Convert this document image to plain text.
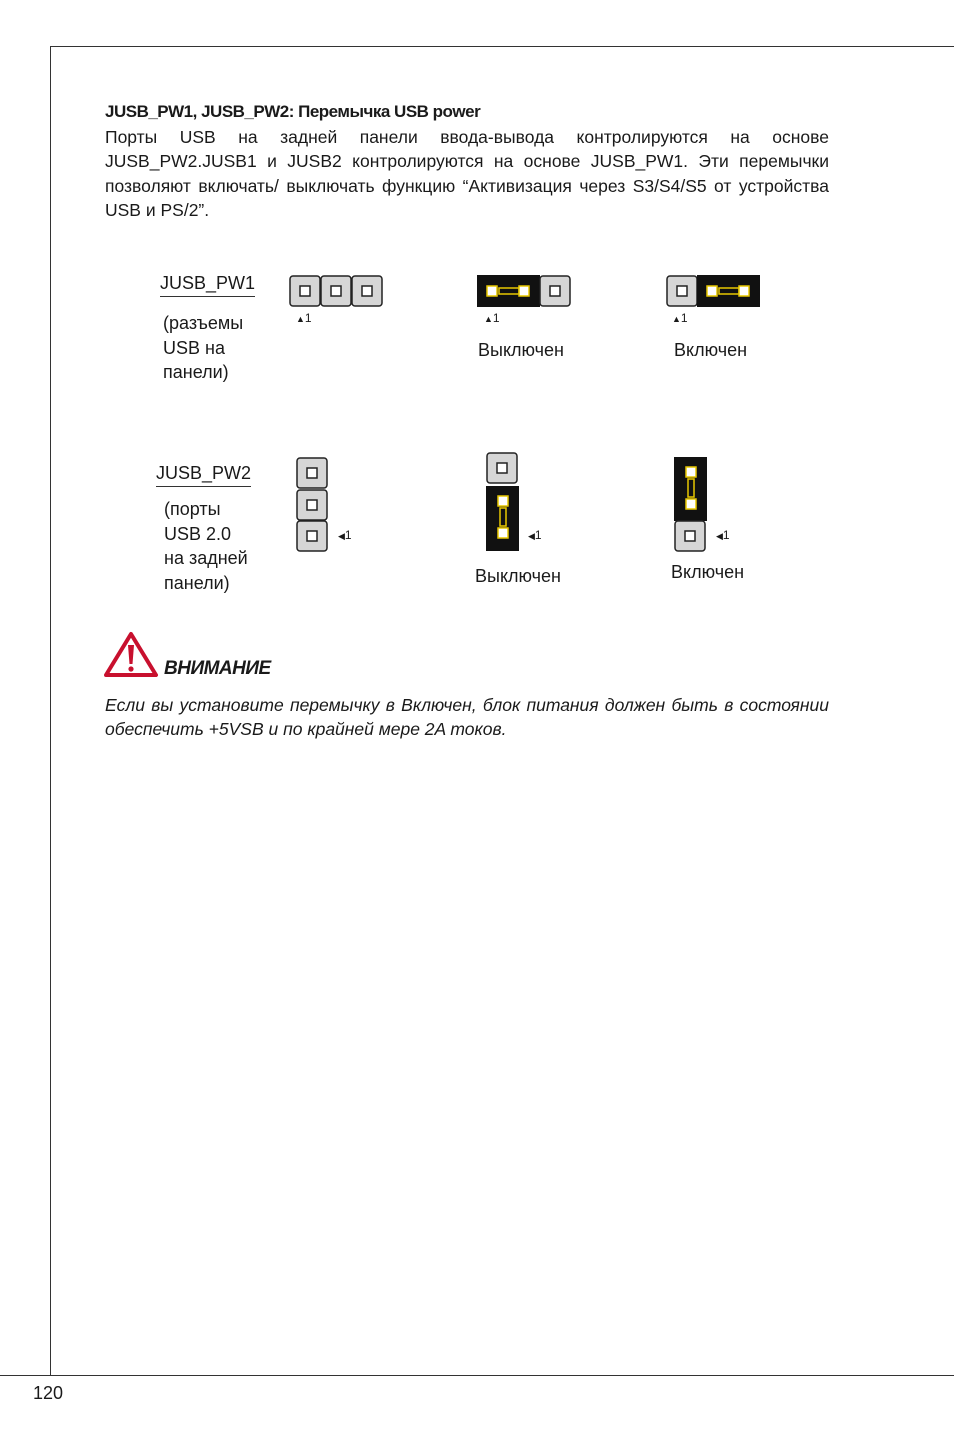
120
JUSB_PW1, JUSB_PW2: Перемычка USB power
Порты USB на задней панели ввода-вывода контролируются на основе JUSB_PW2.JUSB1 и JUSB2 контролируются на основе JUSB_PW1. Эти перемычки позволяют включать/ выключать функцию “Активизация через S3/S4/S5 от устройства USB и PS/2”.
JUSB_PW1
(разъемы
USB на
панели)
▲1	▲1
Выключен
▲1
Включен
JUSB_PW2
(порты
USB 2.0
на задней
панели)
◀1	◀1
Выключен
◀1
Включен
ВНИМАНИЕ
Если вы установите перемычку в Включен, блок питания должен быть в состоянии обеспечить +5VSB и по крайней мере 2A токов.
